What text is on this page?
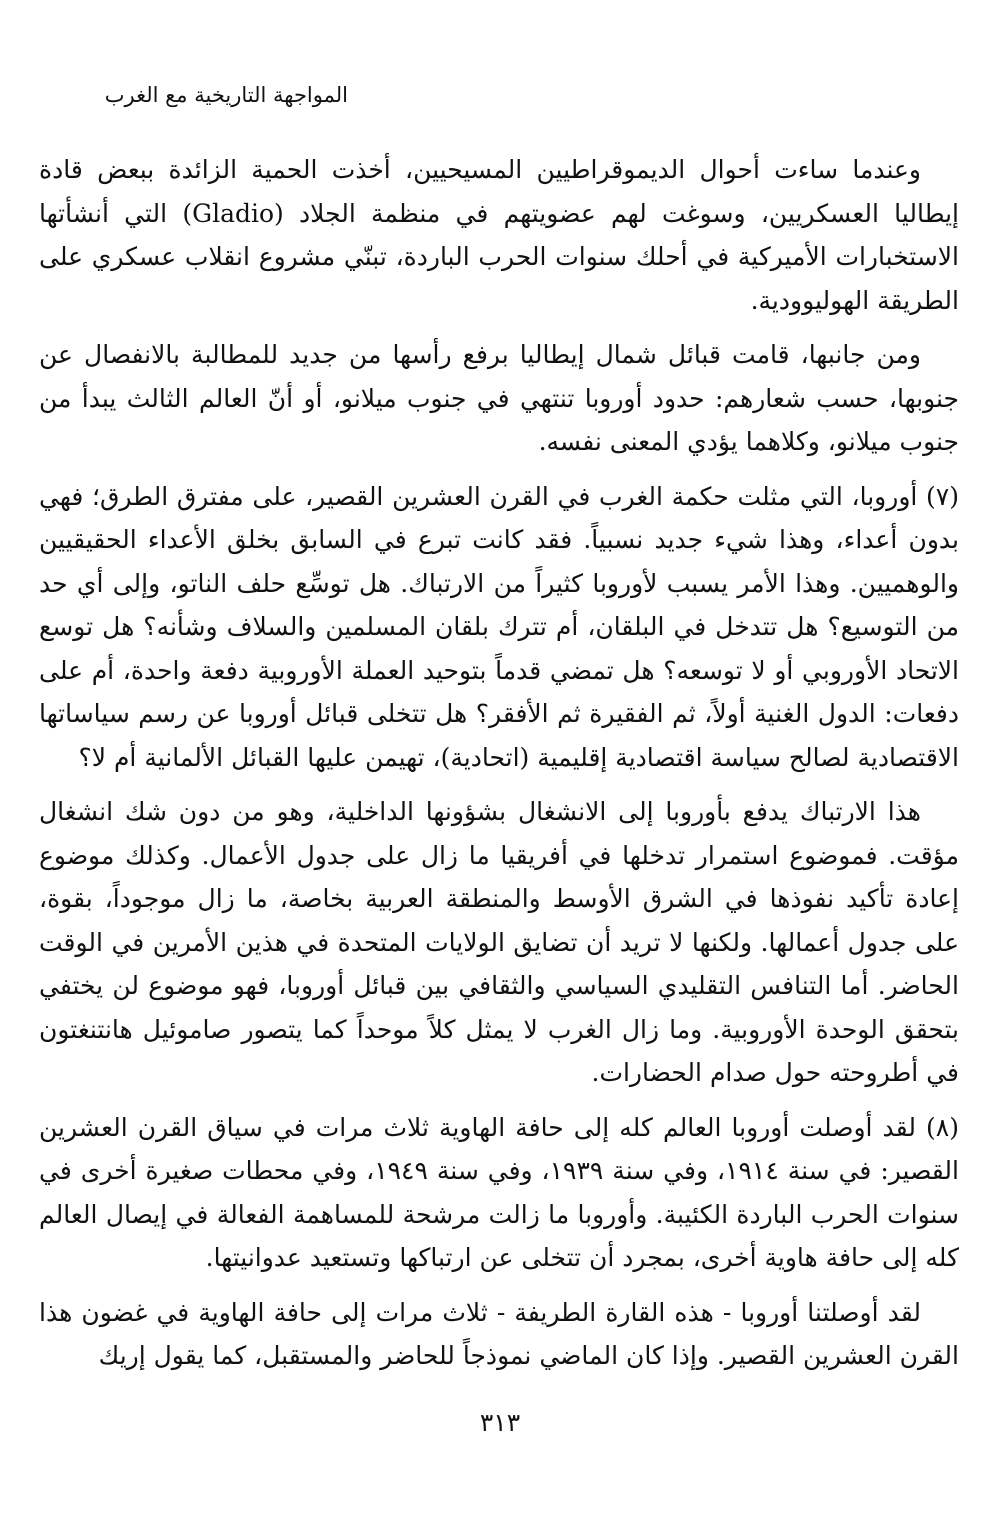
المواجهة التاريخية مع الغرب

وعندما ساءت أحوال الديموقراطيين المسيحيين، أخذت الحمية الزائدة ببعض قادة إيطاليا العسكريين، وسوغت لهم عضويتهم في منظمة الجلاد (Gladio) التي أنشأتها الاستخبارات الأميركية في أحلك سنوات الحرب الباردة، تبنّي مشروع انقلاب عسكري على الطريقة الهوليوودية.

ومن جانبها، قامت قبائل شمال إيطاليا برفع رأسها من جديد للمطالبة بالانفصال عن جنوبها، حسب شعارهم: حدود أوروبا تنتهي في جنوب ميلانو، أو أنّ العالم الثالث يبدأ من جنوب ميلانو، وكلاهما يؤدي المعنى نفسه.

(٧) أوروبا، التي مثلت حكمة الغرب في القرن العشرين القصير، على مفترق الطرق؛ فهي بدون أعداء، وهذا شيء جديد نسبياً. فقد كانت تبرع في السابق بخلق الأعداء الحقيقيين والوهميين. وهذا الأمر يسبب لأوروبا كثيراً من الارتباك. هل توسِّع حلف الناتو، وإلى أي حد من التوسيع؟ هل تتدخل في البلقان، أم تترك بلقان المسلمين والسلاف وشأنه؟ هل توسع الاتحاد الأوروبي أو لا توسعه؟ هل تمضي قدماً بتوحيد العملة الأوروبية دفعة واحدة، أم على دفعات: الدول الغنية أولاً، ثم الفقيرة ثم الأفقر؟ هل تتخلى قبائل أوروبا عن رسم سياساتها الاقتصادية لصالح سياسة اقتصادية إقليمية (اتحادية)، تهيمن عليها القبائل الألمانية أم لا؟

هذا الارتباك يدفع بأوروبا إلى الانشغال بشؤونها الداخلية، وهو من دون شك انشغال مؤقت. فموضوع استمرار تدخلها في أفريقيا ما زال على جدول الأعمال. وكذلك موضوع إعادة تأكيد نفوذها في الشرق الأوسط والمنطقة العربية بخاصة، ما زال موجوداً، بقوة، على جدول أعمالها. ولكنها لا تريد أن تضايق الولايات المتحدة في هذين الأمرين في الوقت الحاضر. أما التنافس التقليدي السياسي والثقافي بين قبائل أوروبا، فهو موضوع لن يختفي بتحقق الوحدة الأوروبية. وما زال الغرب لا يمثل كلاً موحداً كما يتصور صاموئيل هانتنغتون في أطروحته حول صدام الحضارات.

(٨) لقد أوصلت أوروبا العالم كله إلى حافة الهاوية ثلاث مرات في سياق القرن العشرين القصير: في سنة ١٩١٤، وفي سنة ١٩٣٩، وفي سنة ١٩٤٩، وفي محطات صغيرة أخرى في سنوات الحرب الباردة الكئيبة. وأوروبا ما زالت مرشحة للمساهمة الفعالة في إيصال العالم كله إلى حافة هاوية أخرى، بمجرد أن تتخلى عن ارتباكها وتستعيد عدوانيتها.

لقد أوصلتنا أوروبا - هذه القارة الطريفة - ثلاث مرات إلى حافة الهاوية في غضون هذا القرن العشرين القصير. وإذا كان الماضي نموذجاً للحاضر والمستقبل، كما يقول إريك

٣١٣
